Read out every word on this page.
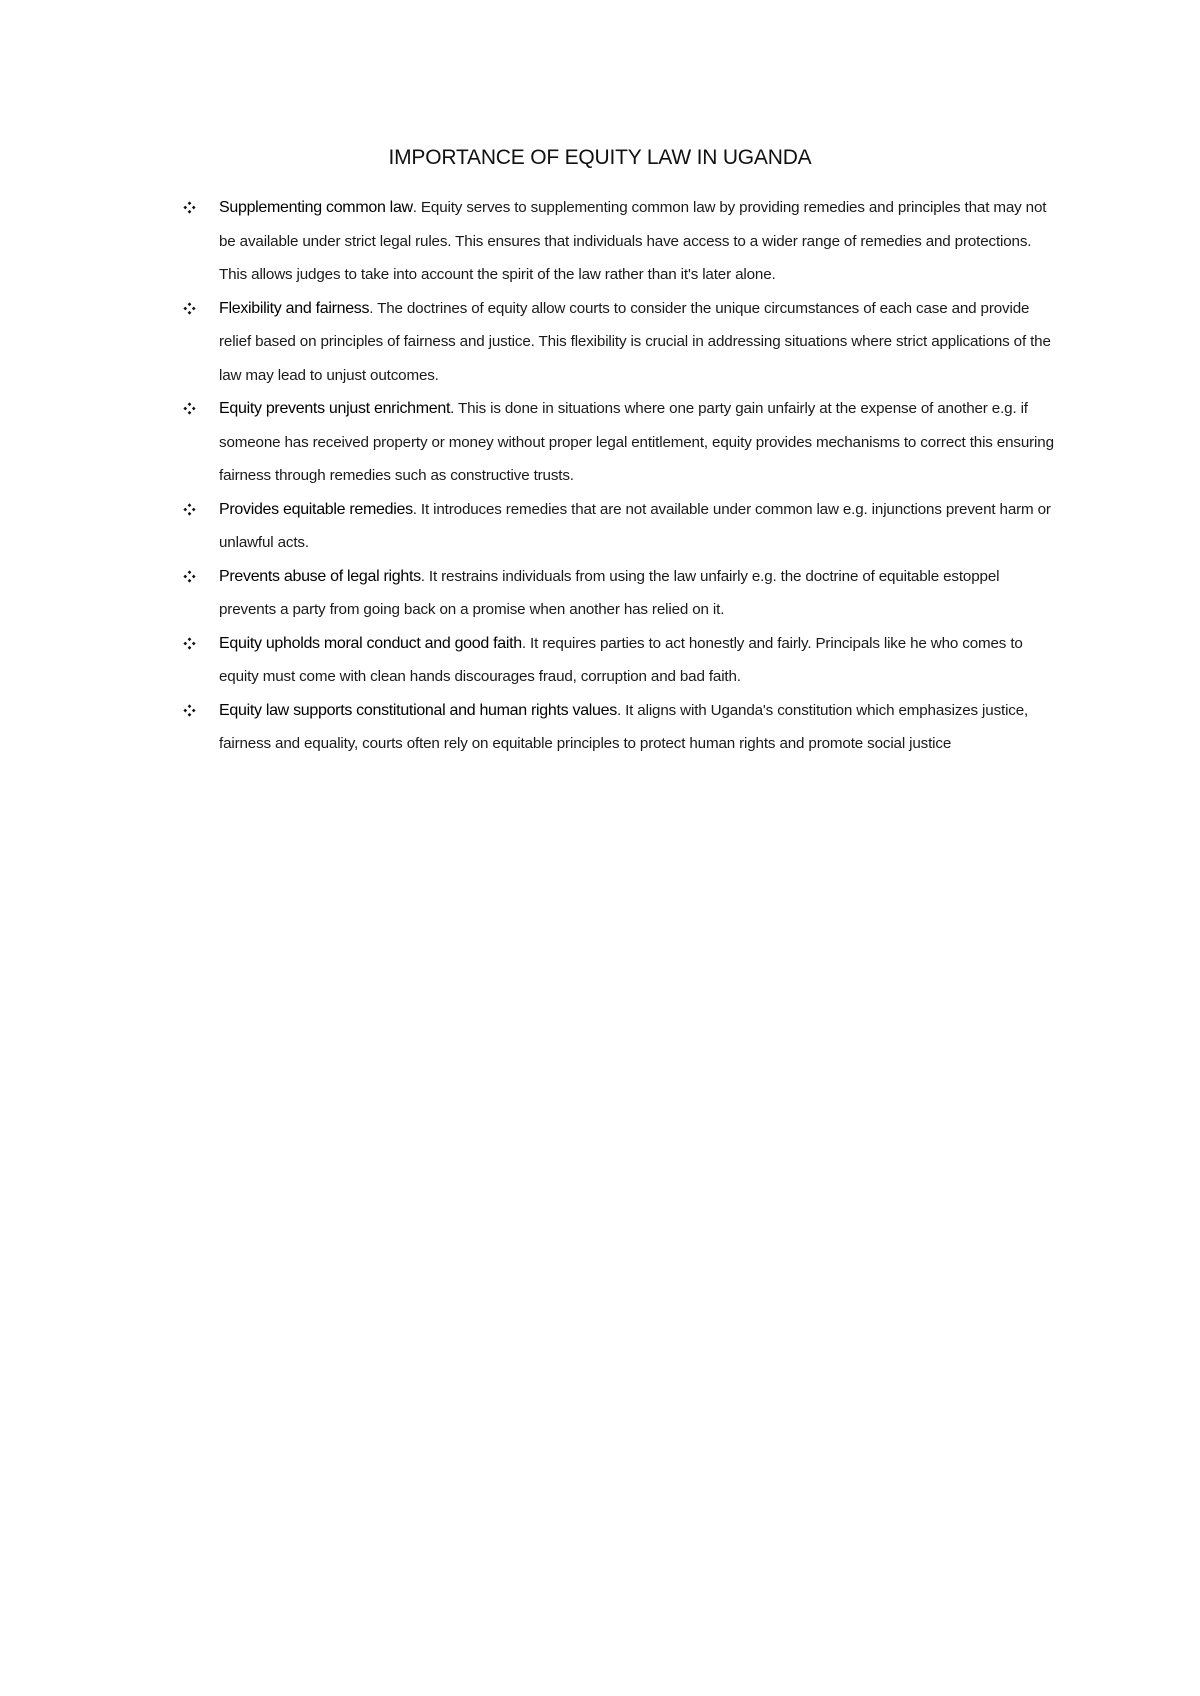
IMPORTANCE OF EQUITY LAW IN UGANDA
Supplementing common law. Equity serves to supplementing common law by providing remedies and principles that may not be available under strict legal rules. This ensures that individuals have access to a wider range of remedies and protections. This allows judges to take into account the spirit of the law rather than it's later alone.
Flexibility and fairness. The doctrines of equity allow courts to consider the unique circumstances of each case and provide relief based on principles of fairness and justice. This flexibility is crucial in addressing situations where strict applications of the law may lead to unjust outcomes.
Equity prevents unjust enrichment. This is done in situations where one party gain unfairly at the expense of another e.g. if someone has received property or money without proper legal entitlement, equity provides mechanisms to correct this ensuring fairness through remedies such as constructive trusts.
Provides equitable remedies. It introduces remedies that are not available under common law e.g. injunctions prevent harm or unlawful acts.
Prevents abuse of legal rights. It restrains individuals from using the law unfairly e.g. the doctrine of equitable estoppel prevents a party from going back on a promise when another has relied on it.
Equity upholds moral conduct and good faith. It requires parties to act honestly and fairly. Principals like he who comes to equity must come with clean hands discourages fraud, corruption and bad faith.
Equity law supports constitutional and human rights values. It aligns with Uganda's constitution which emphasizes justice, fairness and equality, courts often rely on equitable principles to protect human rights and promote social justice
